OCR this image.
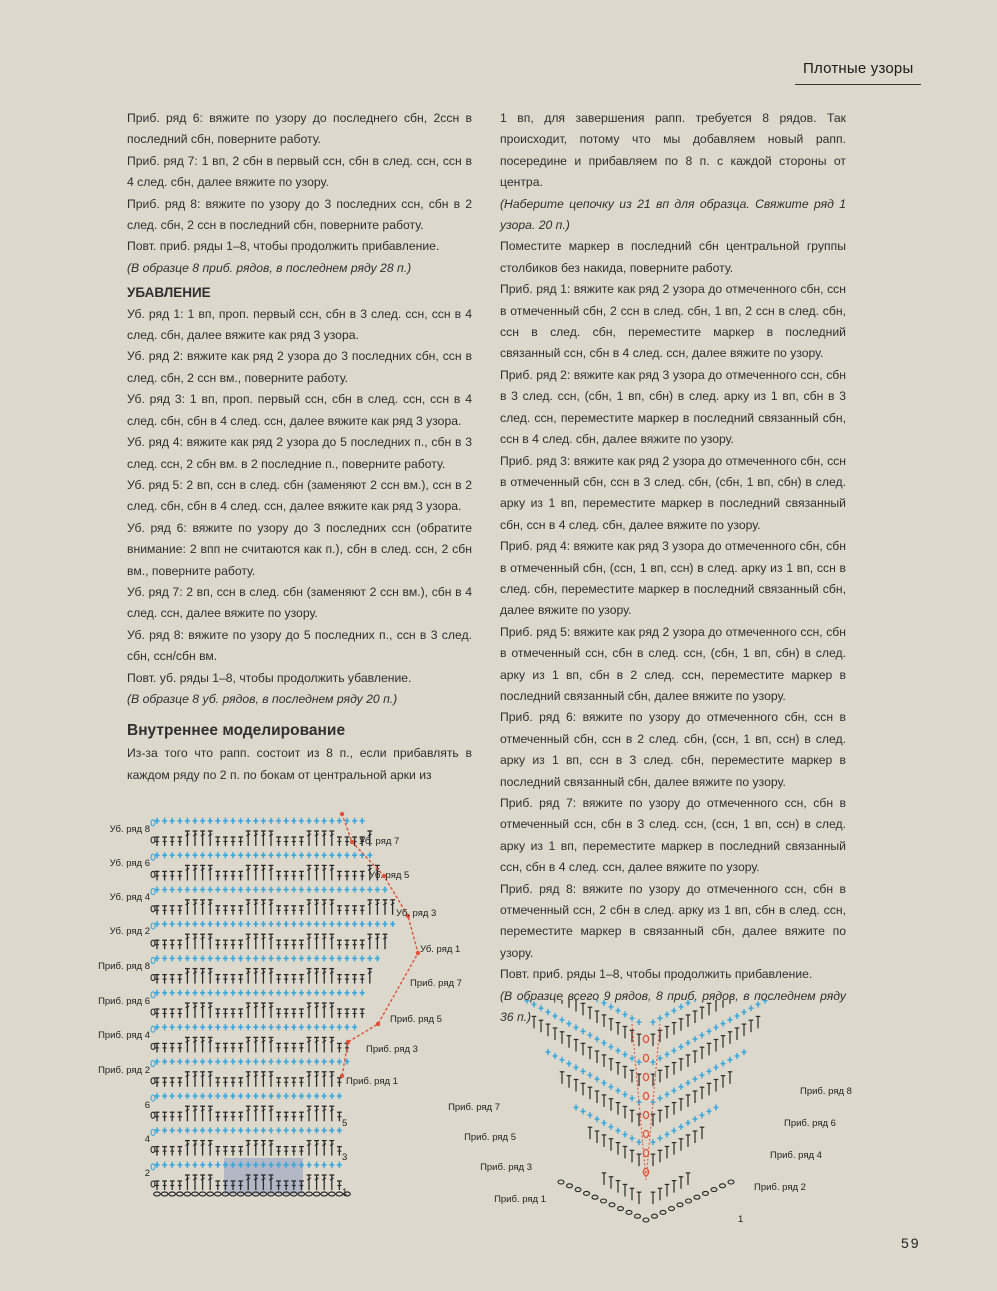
Плотные узоры

Приб. ряд 6: вяжите по узору до последнего сбн, 2ссн в последний сбн, поверните работу.

Приб. ряд 7: 1 вп, 2 сбн в первый ссн, сбн в след. ссн, ссн в 4 след. сбн, далее вяжите по узору.

Приб. ряд 8: вяжите по узору до 3 последних ссн, сбн в 2 след. сбн, 2 ссн в последний сбн, поверните работу.

Повт. приб. ряды 1–8, чтобы продолжить прибавление.

(В образце 8 приб. рядов, в последнем ряду 28 п.)

УБАВЛЕНИЕ

Уб. ряд 1: 1 вп, проп. первый ссн, сбн в 3 след. ссн, ссн в 4 след. сбн, далее вяжите как ряд 3 узора.

Уб. ряд 2: вяжите как ряд 2 узора до 3 последних сбн, ссн в след. сбн, 2 ссн вм., поверните работу.

Уб. ряд 3: 1 вп, проп. первый ссн, сбн в след. ссн, ссн в 4 след. сбн, сбн в 4 след. ссн, далее вяжите как ряд 3 узора.

Уб. ряд 4: вяжите как ряд 2 узора до 5 последних п., сбн в 3 след. ссн, 2 сбн вм. в 2 последние п., поверните работу.

Уб. ряд 5: 2 вп, ссн в след. сбн (заменяют 2 ссн вм.), ссн в 2 след. сбн, сбн в 4 след. ссн, далее вяжите как ряд 3 узора.

Уб. ряд 6: вяжите по узору до 3 последних ссн (обратите внимание: 2 впп не считаются как п.), сбн в след. ссн, 2 сбн вм., поверните работу.

Уб. ряд 7: 2 вп, ссн в след. сбн (заменяют 2 ссн вм.), сбн в 4 след. ссн, далее вяжите по узору.

Уб. ряд 8: вяжите по узору до 5 последних п., ссн в 3 след. сбн, ссн/сбн вм.

Повт. уб. ряды 1–8, чтобы продолжить убавление.

(В образце 8 уб. рядов, в последнем ряду 20 п.)

Внутреннее моделирование

Из-за того что рапп. состоит из 8 п., если прибавлять в каждом ряду по 2 п. по бокам от центральной арки из

1 вп, для завершения рапп. требуется 8 рядов. Так происходит, потому что мы добавляем новый рапп. посередине и прибавляем по 8 п. с каждой стороны от центра.

(Наберите цепочку из 21 вп для образца. Свяжите ряд 1 узора. 20 п.)

Поместите маркер в последний сбн центральной группы столбиков без накида, поверните работу.

Приб. ряд 1: вяжите как ряд 2 узора до отмеченного сбн, ссн в отмеченный сбн, 2 ссн в след. сбн, 1 вп, 2 ссн в след. сбн, ссн в след. сбн, переместите маркер в последний связанный ссн, сбн в 4 след. ссн, далее вяжите по узору.

Приб. ряд 2: вяжите как ряд 3 узора до отмеченного ссн, сбн в 3 след. ссн, (сбн, 1 вп, сбн) в след. арку из 1 вп, сбн в 3 след. ссн, переместите маркер в последний связанный сбн, ссн в 4 след. сбн, далее вяжите по узору.

Приб. ряд 3: вяжите как ряд 2 узора до отмеченного сбн, ссн в отмеченный сбн, ссн в 3 след. сбн, (сбн, 1 вп, сбн) в след. арку из 1 вп, переместите маркер в последний связанный сбн, ссн в 4 след. сбн, далее вяжите по узору.

Приб. ряд 4: вяжите как ряд 3 узора до отмеченного сбн, сбн в отмеченный сбн, (ссн, 1 вп, ссн) в след. арку из 1 вп, ссн в след. сбн, переместите маркер в последний связанный сбн, далее вяжите по узору.

Приб. ряд 5: вяжите как ряд 2 узора до отмеченного ссн, сбн в отмеченный ссн, сбн в след. ссн, (сбн, 1 вп, сбн) в след. арку из 1 вп, сбн в 2 след. ссн, переместите маркер в последний связанный сбн, далее вяжите по узору.

Приб. ряд 6: вяжите по узору до отмеченного сбн, ссн в отмеченный сбн, ссн в 2 след. сбн, (ссн, 1 вп, ссн) в след. арку из 1 вп, ссн в 3 след. сбн, переместите маркер в последний связанный сбн, далее вяжите по узору.

Приб. ряд 7: вяжите по узору до отмеченного ссн, сбн в отмеченный ссн, сбн в 3 след. ссн, (ссн, 1 вп, ссн) в след. арку из 1 вп, переместите маркер в последний связанный ссн, сбн в 4 след. ссн, далее вяжите по узору.

Приб. ряд 8: вяжите по узору до отмеченного ссн, сбн в отмеченный ссн, 2 сбн в след. арку из 1 вп, сбн в след. ссн, переместите маркер в связанный сбн, далее вяжите по узору.

Повт. приб. ряды 1–8, чтобы продолжить прибавление.

(В образце всего 9 рядов, 8 приб. рядов, в последнем ряду 36 п.)

Уб. ряд 8
Уб. ряд 6
Уб. ряд 4
Уб. ряд 2
Приб. ряд 8
Приб. ряд 6
Приб. ряд 4
Приб. ряд 2
6
4
2
Уб. ряд 7
Уб. ряд 5
Уб. ряд 3
Уб. ряд 1
Приб. ряд 7
Приб. ряд 5
Приб. ряд 3
Приб. ряд 1
5
3
1
Приб. ряд 7
Приб. ряд 5
Приб. ряд 3
Приб. ряд 1
Приб. ряд 8
Приб. ряд 6
Приб. ряд 4
Приб. ряд 2
1
59
